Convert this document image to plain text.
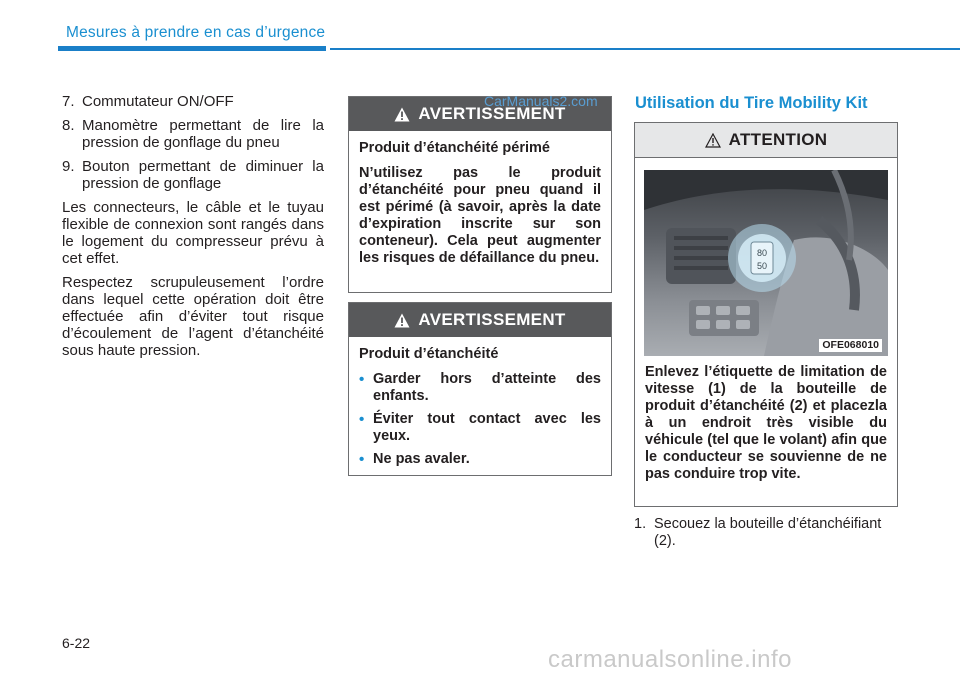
Mesures à prendre en cas d’urgence
7. Commutateur ON/OFF
8. Manomètre permettant de lire la pression de gonflage du pneu
9. Bouton permettant de diminuer la pression de gonflage

Les connecteurs, le câble et le tuyau flexible de connexion sont rangés dans le logement du compresseur prévu à cet effet.

Respectez scrupuleusement l’ordre dans lequel cette opération doit être effectuée afin d’éviter tout risque d’écoulement de l’agent d’étanchéité sous haute pression.

AVERTISSEMENT

Produit d’étanchéité périmé

N’utilisez pas le produit d’étanchéité pour pneu quand il est périmé (à savoir, après la date d’expiration inscrite sur son conteneur). Cela peut augmenter les risques de défaillance du pneu.

AVERTISSEMENT

Produit d’étanchéité

• Garder hors d’atteinte des enfants.
• Éviter tout contact avec les yeux.
• Ne pas avaler.
CarManuals2.com Utilisation du Tire Mobility Kit
ATTENTION
80
50
OFE068010

Enlevez l’étiquette de limitation de vitesse (1) de la bouteille de produit d’étanchéité (2) et placezla à un endroit très visible du véhicule (tel que le volant) afin que le conducteur se souvienne de ne pas conduire trop vite.

1. Secouez la bouteille d’étanchéifiant (2).
6-22
carmanualsonline.info
